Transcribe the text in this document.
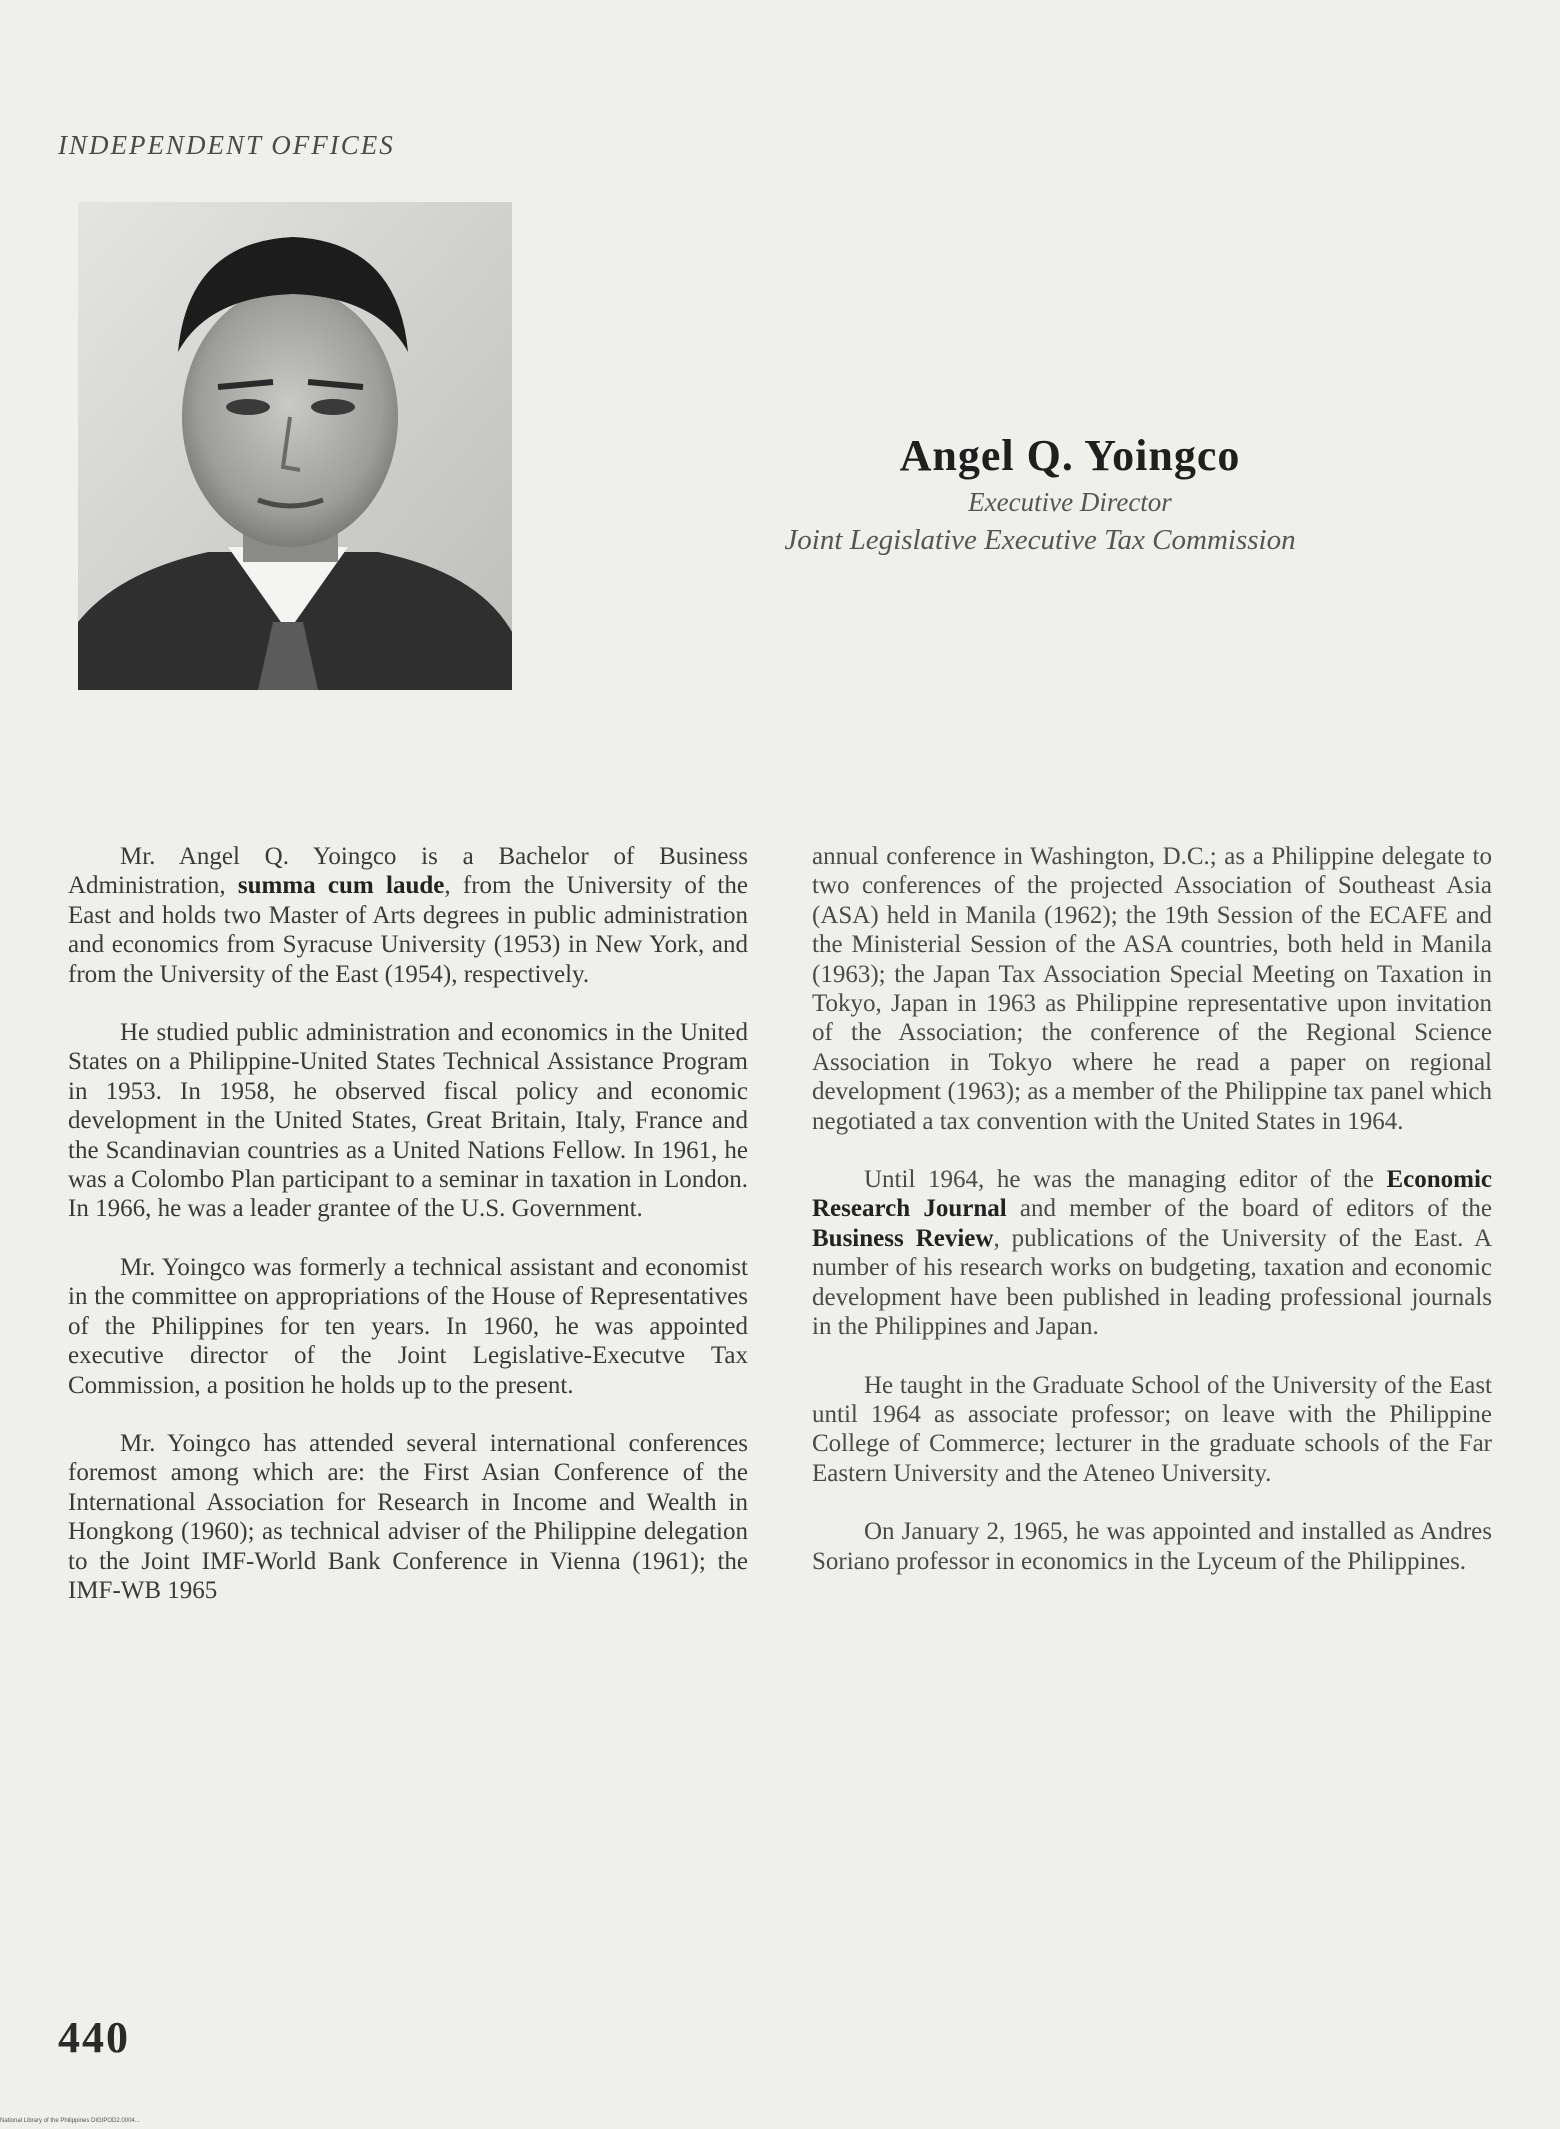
INDEPENDENT OFFICES
Angel Q. Yoingco
Executive Director
Joint Legislative Executive Tax Commission

Mr. Angel Q. Yoingco is a Bachelor of Business Administration, summa cum laude, from the University of the East and holds two Master of Arts degrees in public administration and economics from Syracuse University (1953) in New York, and from the University of the East (1954), respectively.

He studied public administration and economics in the United States on a Philippine-United States Technical Assistance Program in 1953. In 1958, he observed fiscal policy and economic development in the United States, Great Britain, Italy, France and the Scandinavian countries as a United Nations Fellow. In 1961, he was a Colombo Plan participant to a seminar in taxation in London. In 1966, he was a leader grantee of the U.S. Government.

Mr. Yoingco was formerly a technical assistant and economist in the committee on appropriations of the House of Representatives of the Philippines for ten years. In 1960, he was appointed executive director of the Joint Legislative-Executve Tax Commission, a position he holds up to the present.

Mr. Yoingco has attended several international conferences foremost among which are: the First Asian Conference of the International Association for Research in Income and Wealth in Hongkong (1960); as technical adviser of the Philippine delegation to the Joint IMF-World Bank Conference in Vienna (1961); the IMF-WB 1965

annual conference in Washington, D.C.; as a Philippine delegate to two conferences of the projected Association of Southeast Asia (ASA) held in Manila (1962); the 19th Session of the ECAFE and the Ministerial Session of the ASA countries, both held in Manila (1963); the Japan Tax Association Special Meeting on Taxation in Tokyo, Japan in 1963 as Philippine representative upon invitation of the Association; the conference of the Regional Science Association in Tokyo where he read a paper on regional development (1963); as a member of the Philippine tax panel which negotiated a tax convention with the United States in 1964.

Until 1964, he was the managing editor of the Economic Research Journal and member of the board of editors of the Business Review, publications of the University of the East. A number of his research works on budgeting, taxation and economic development have been published in leading professional journals in the Philippines and Japan.

He taught in the Graduate School of the University of the East until 1964 as associate professor; on leave with the Philippine College of Commerce; lecturer in the graduate schools of the Far Eastern University and the Ateneo University.

On January 2, 1965, he was appointed and installed as Andres Soriano professor in economics in the Lyceum of the Philippines.

440
National Library of the Philippines DIGIPOD2.0004...
